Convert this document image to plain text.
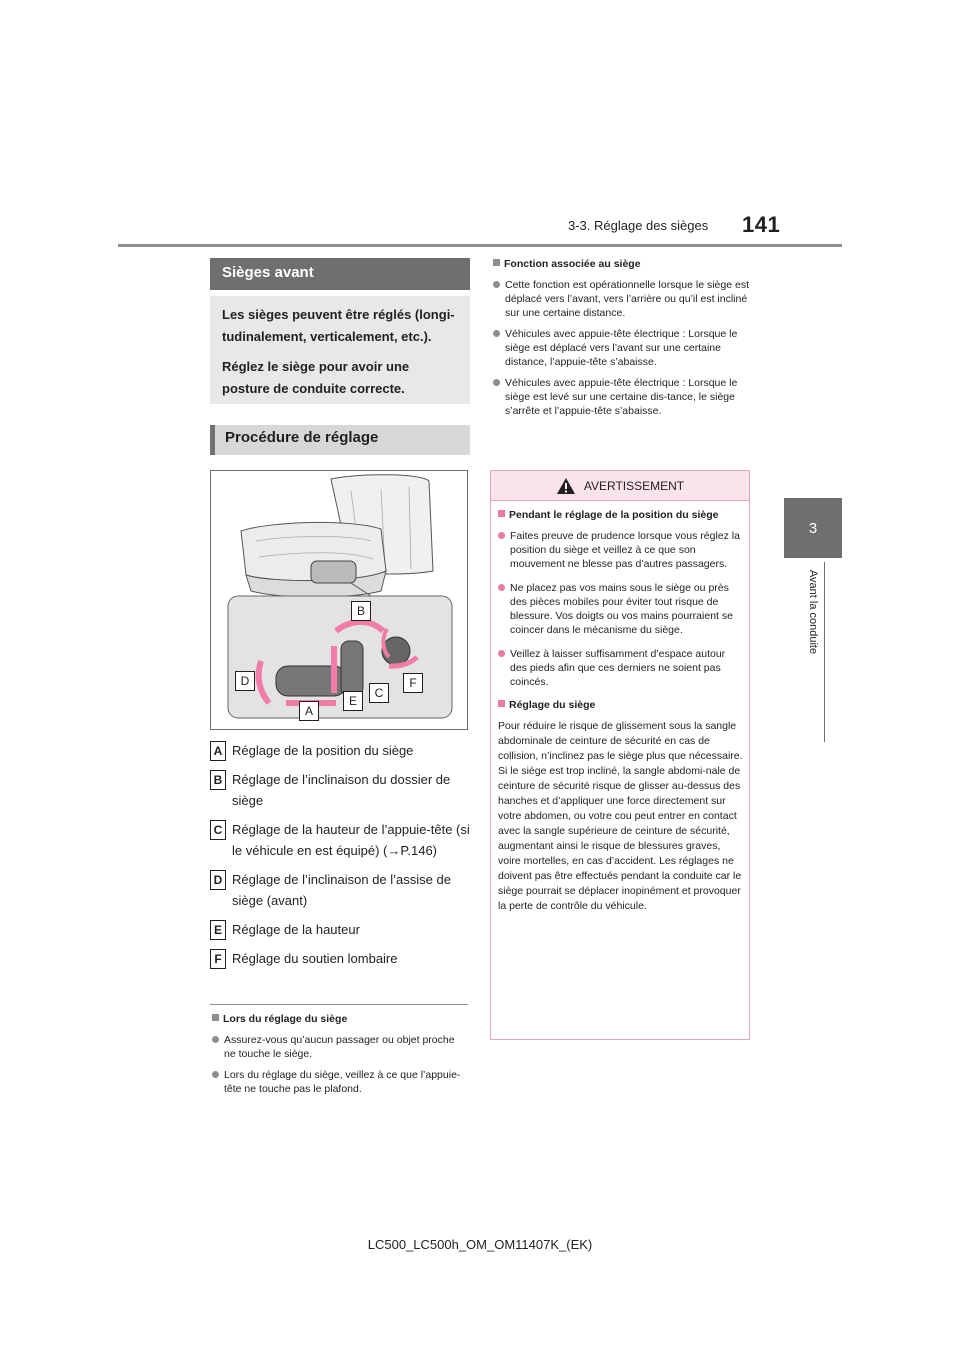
3-3. Réglage des sièges 141
3
Avant la conduite
Sièges avant

Les sièges peuvent être réglés (longi-tudinalement, verticalement, etc.).

Réglez le siège pour avoir une posture de conduite correcte.

Procédure de réglage
B
D
C
F
E
A
A Réglage de la position du siège
B Réglage de l’inclinaison du dossier de siège
C Réglage de la hauteur de l’appuie-tête (si le véhicule en est équipé) (→P.146)
D Réglage de l’inclinaison de l’assise de siège (avant)
E Réglage de la hauteur
F Réglage du soutien lombaire
Lors du réglage du siège
Assurez-vous qu’aucun passager ou objet proche ne touche le siège.
Lors du réglage du siège, veillez à ce que l’appuie-tête ne touche pas le plafond.
Fonction associée au siège
Cette fonction est opérationnelle lorsque le siège est déplacé vers l’avant, vers l’arrière ou qu’il est incliné sur une certaine distance.
Véhicules avec appuie-tête électrique : Lorsque le siège est déplacé vers l’avant sur une certaine distance, l’appuie-tête s’abaisse.
Véhicules avec appuie-tête électrique : Lorsque le siège est levé sur une certaine dis-tance, le siège s’arrête et l’appuie-tête s’abaisse.
AVERTISSEMENT
Pendant le réglage de la position du siège
Faites preuve de prudence lorsque vous réglez la position du siège et veillez à ce que son mouvement ne blesse pas d’autres passagers.
Ne placez pas vos mains sous le siège ou près des pièces mobiles pour éviter tout risque de blessure. Vos doigts ou vos mains pourraient se coincer dans le mécanisme du siège.
Veillez à laisser suffisamment d’espace autour des pieds afin que ces derniers ne soient pas coincés.
Réglage du siège
Pour réduire le risque de glissement sous la sangle abdominale de ceinture de sécurité en cas de collision, n’inclinez pas le siège plus que nécessaire. Si le siège est trop incliné, la sangle abdomi-nale de ceinture de sécurité risque de glisser au-dessus des hanches et d’appliquer une force directement sur votre abdomen, ou votre cou peut entrer en contact avec la sangle supérieure de ceinture de sécurité, augmentant ainsi le risque de blessures graves, voire mortelles, en cas d’accident. Les réglages ne doivent pas être effectués pendant la conduite car le siège pourrait se déplacer inopinément et provoquer la perte de contrôle du véhicule.
LC500_LC500h_OM_OM11407K_(EK)
